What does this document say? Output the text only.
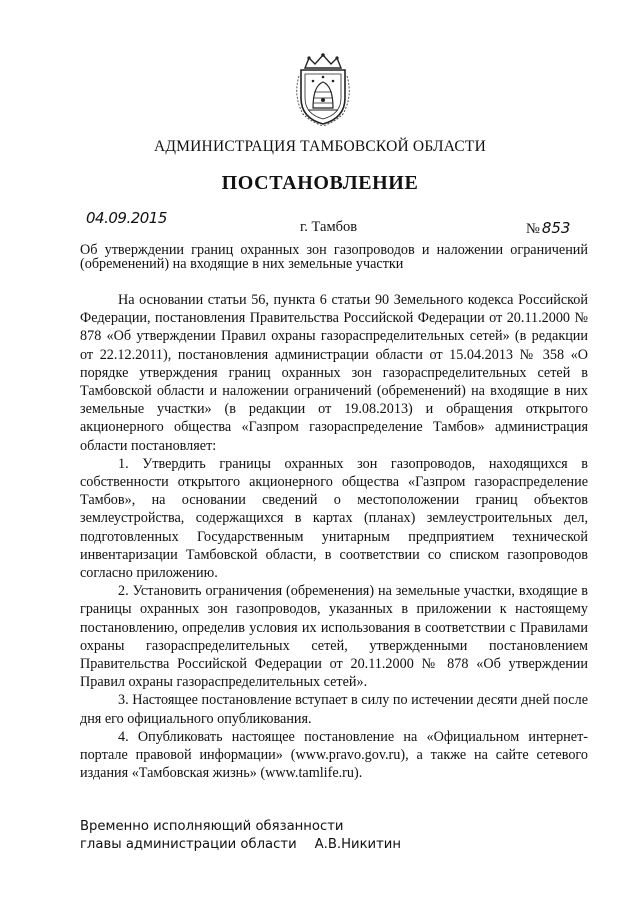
АДМИНИСТРАЦИЯ ТАМБОВСКОЙ ОБЛАСТИ
ПОСТАНОВЛЕНИЕ
04.09.2015	г. Тамбов	№ 853
Об утверждении границ охранных зон газопроводов и наложении ограничений (обременений) на входящие в них земельные участки

На основании статьи 56, пункта 6 статьи 90 Земельного кодекса Российской Федерации, постановления Правительства Российской Федерации от 20.11.2000 № 878 «Об утверждении Правил охраны газораспределительных сетей» (в редакции от 22.12.2011), постановления администрации области от 15.04.2013 № 358 «О порядке утверждения границ охранных зон газораспределительных сетей в Тамбовской области и наложении ограничений (обременений) на входящие в них земельные участки» (в редакции от 19.08.2013) и обращения открытого акционерного общества «Газпром газораспределение Тамбов» администрация области постановляет:

1. Утвердить границы охранных зон газопроводов, находящихся в собственности открытого акционерного общества «Газпром газораспределение Тамбов», на основании сведений о местоположении границ объектов землеустройства, содержащихся в картах (планах) землеустроительных дел, подготовленных Государственным унитарным предприятием технической инвентаризации Тамбовской области, в соответствии со списком газопроводов согласно приложению.

2. Установить ограничения (обременения) на земельные участки, входящие в границы охранных зон газопроводов, указанных в приложении к настоящему постановлению, определив условия их использования в соответствии с Правилами охраны газораспределительных сетей, утвержденными постановлением Правительства Российской Федерации от 20.11.2000 № 878 «Об утверждении Правил охраны газораспределительных сетей».

3. Настоящее постановление вступает в силу по истечении десяти дней после дня его официального опубликования.

4. Опубликовать настоящее постановление на «Официальном интернет-портале правовой информации» (www.pravo.gov.ru), а также на сайте сетевого издания «Тамбовская жизнь» (www.tamlife.ru).

Временно исполняющий обязанности
главы администрации области А.В.Никитин
